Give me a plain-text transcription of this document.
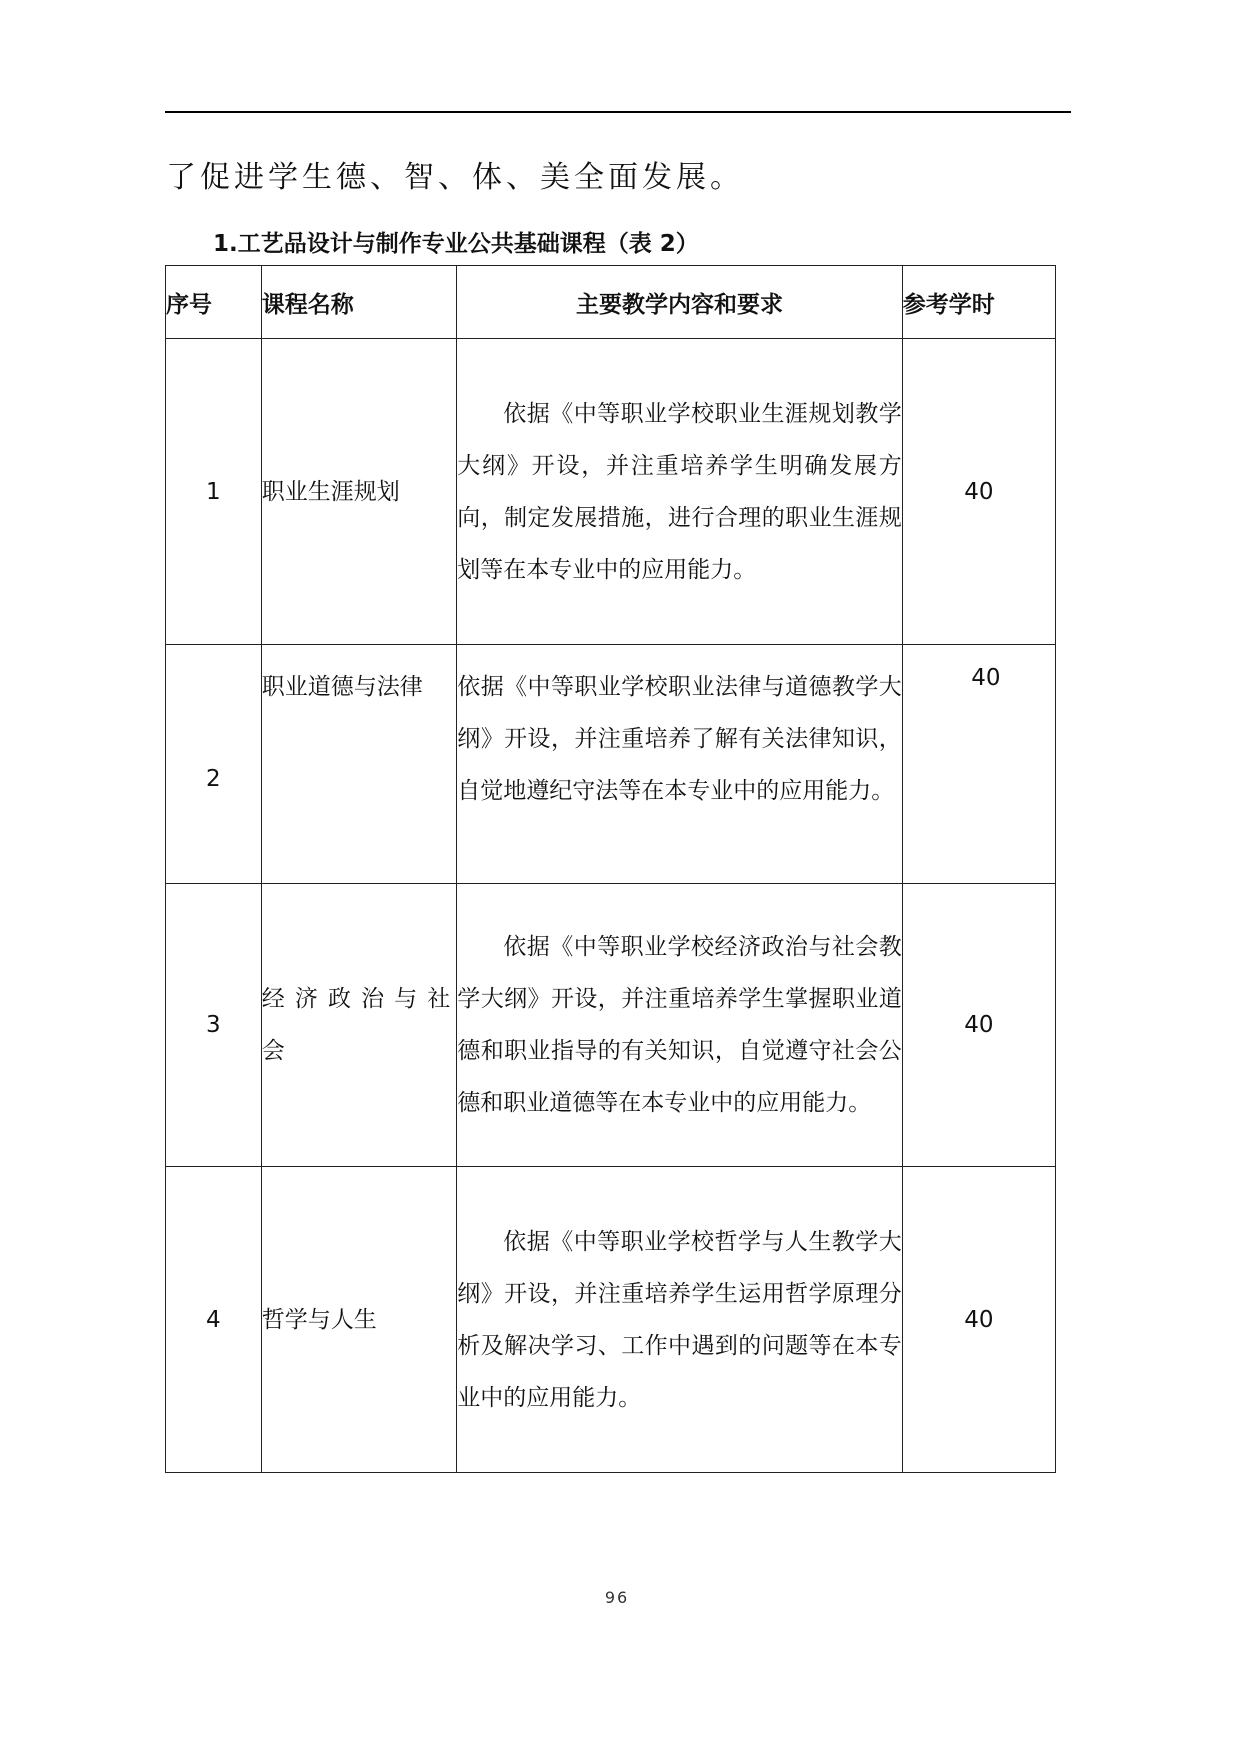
了促进学生德、智、体、美全面发展。
1.工艺品设计与制作专业公共基础课程（表 2）
序号	课程名称	主要教学内容和要求	参考学时
1	职业生涯规划	依据《中等职业学校职业生涯规划教学大纲》开设，并注重培养学生明确发展方向，制定发展措施，进行合理的职业生涯规划等在本专业中的应用能力。	40
2	职业道德与法律	依据《中等职业学校职业法律与道德教学大纲》开设，并注重培养了解有关法律知识，自觉地遵纪守法等在本专业中的应用能力。	40
3	经济政治与社会	依据《中等职业学校经济政治与社会教学大纲》开设，并注重培养学生掌握职业道德和职业指导的有关知识，自觉遵守社会公德和职业道德等在本专业中的应用能力。	40
4	哲学与人生	依据《中等职业学校哲学与人生教学大纲》开设，并注重培养学生运用哲学原理分析及解决学习、工作中遇到的问题等在本专业中的应用能力。	40
96
